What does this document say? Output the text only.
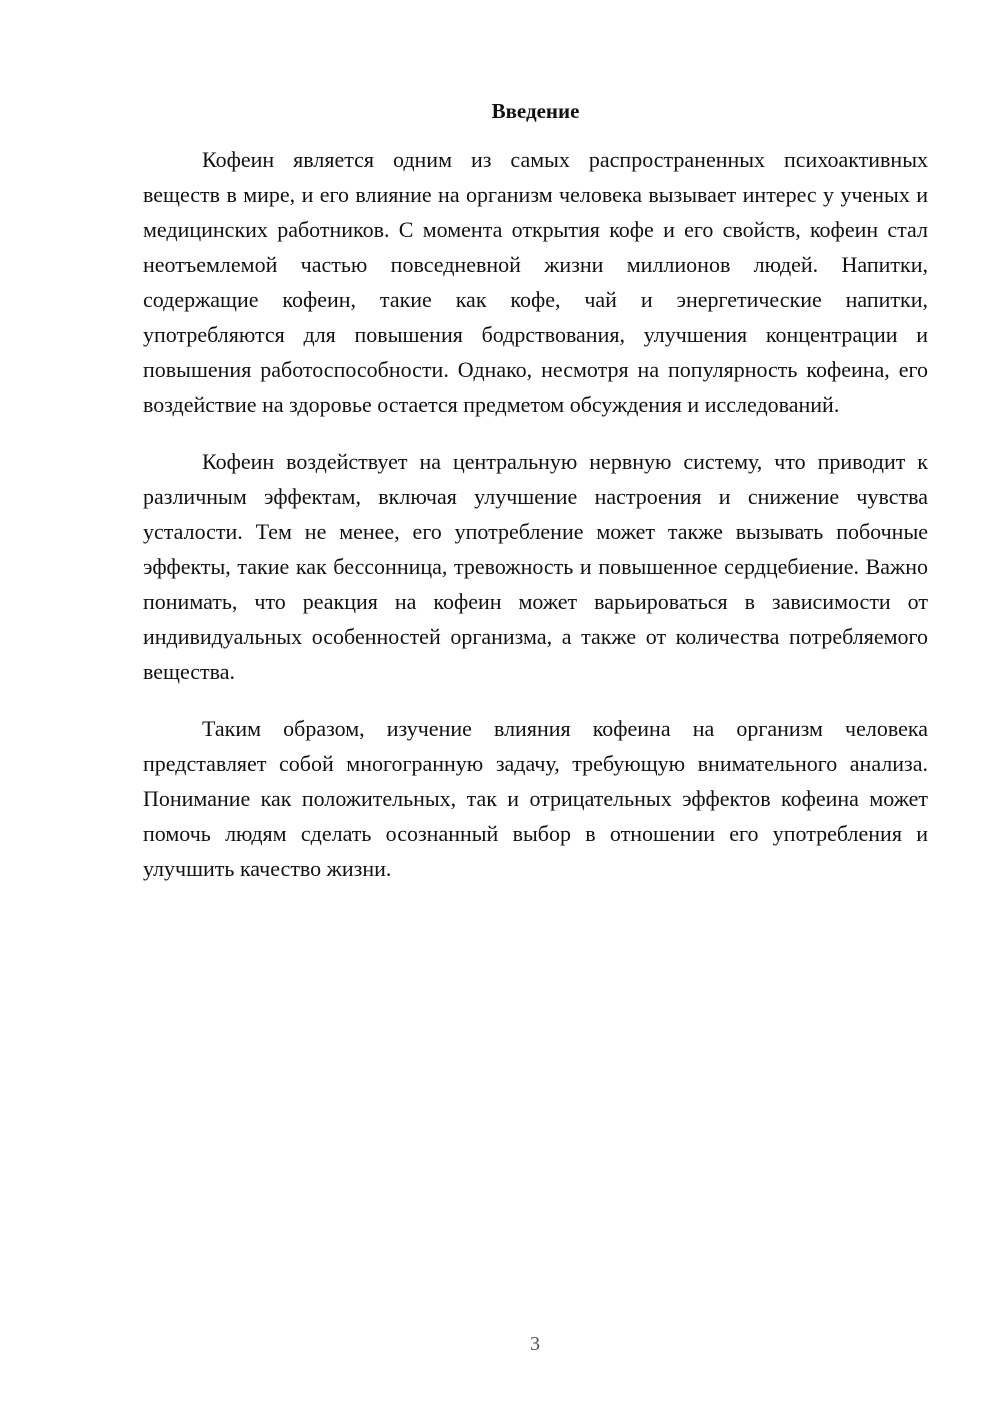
Введение

Кофеин является одним из самых распространенных психоактивных веществ в мире, и его влияние на организм человека вызывает интерес у ученых и медицинских работников. С момента открытия кофе и его свойств, кофеин стал неотъемлемой частью повседневной жизни миллионов людей. Напитки, содержащие кофеин, такие как кофе, чай и энергетические напитки, употребляются для повышения бодрствования, улучшения концентрации и повышения работоспособности. Однако, несмотря на популярность кофеина, его воздействие на здоровье остается предметом обсуждения и исследований.

Кофеин воздействует на центральную нервную систему, что приводит к различным эффектам, включая улучшение настроения и снижение чувства усталости. Тем не менее, его употребление может также вызывать побочные эффекты, такие как бессонница, тревожность и повышенное сердцебиение. Важно понимать, что реакция на кофеин может варьироваться в зависимости от индивидуальных особенностей организма, а также от количества потребляемого вещества.

Таким образом, изучение влияния кофеина на организм человека представляет собой многогранную задачу, требующую внимательного анализа. Понимание как положительных, так и отрицательных эффектов кофеина может помочь людям сделать осознанный выбор в отношении его употребления и улучшить качество жизни.

3
